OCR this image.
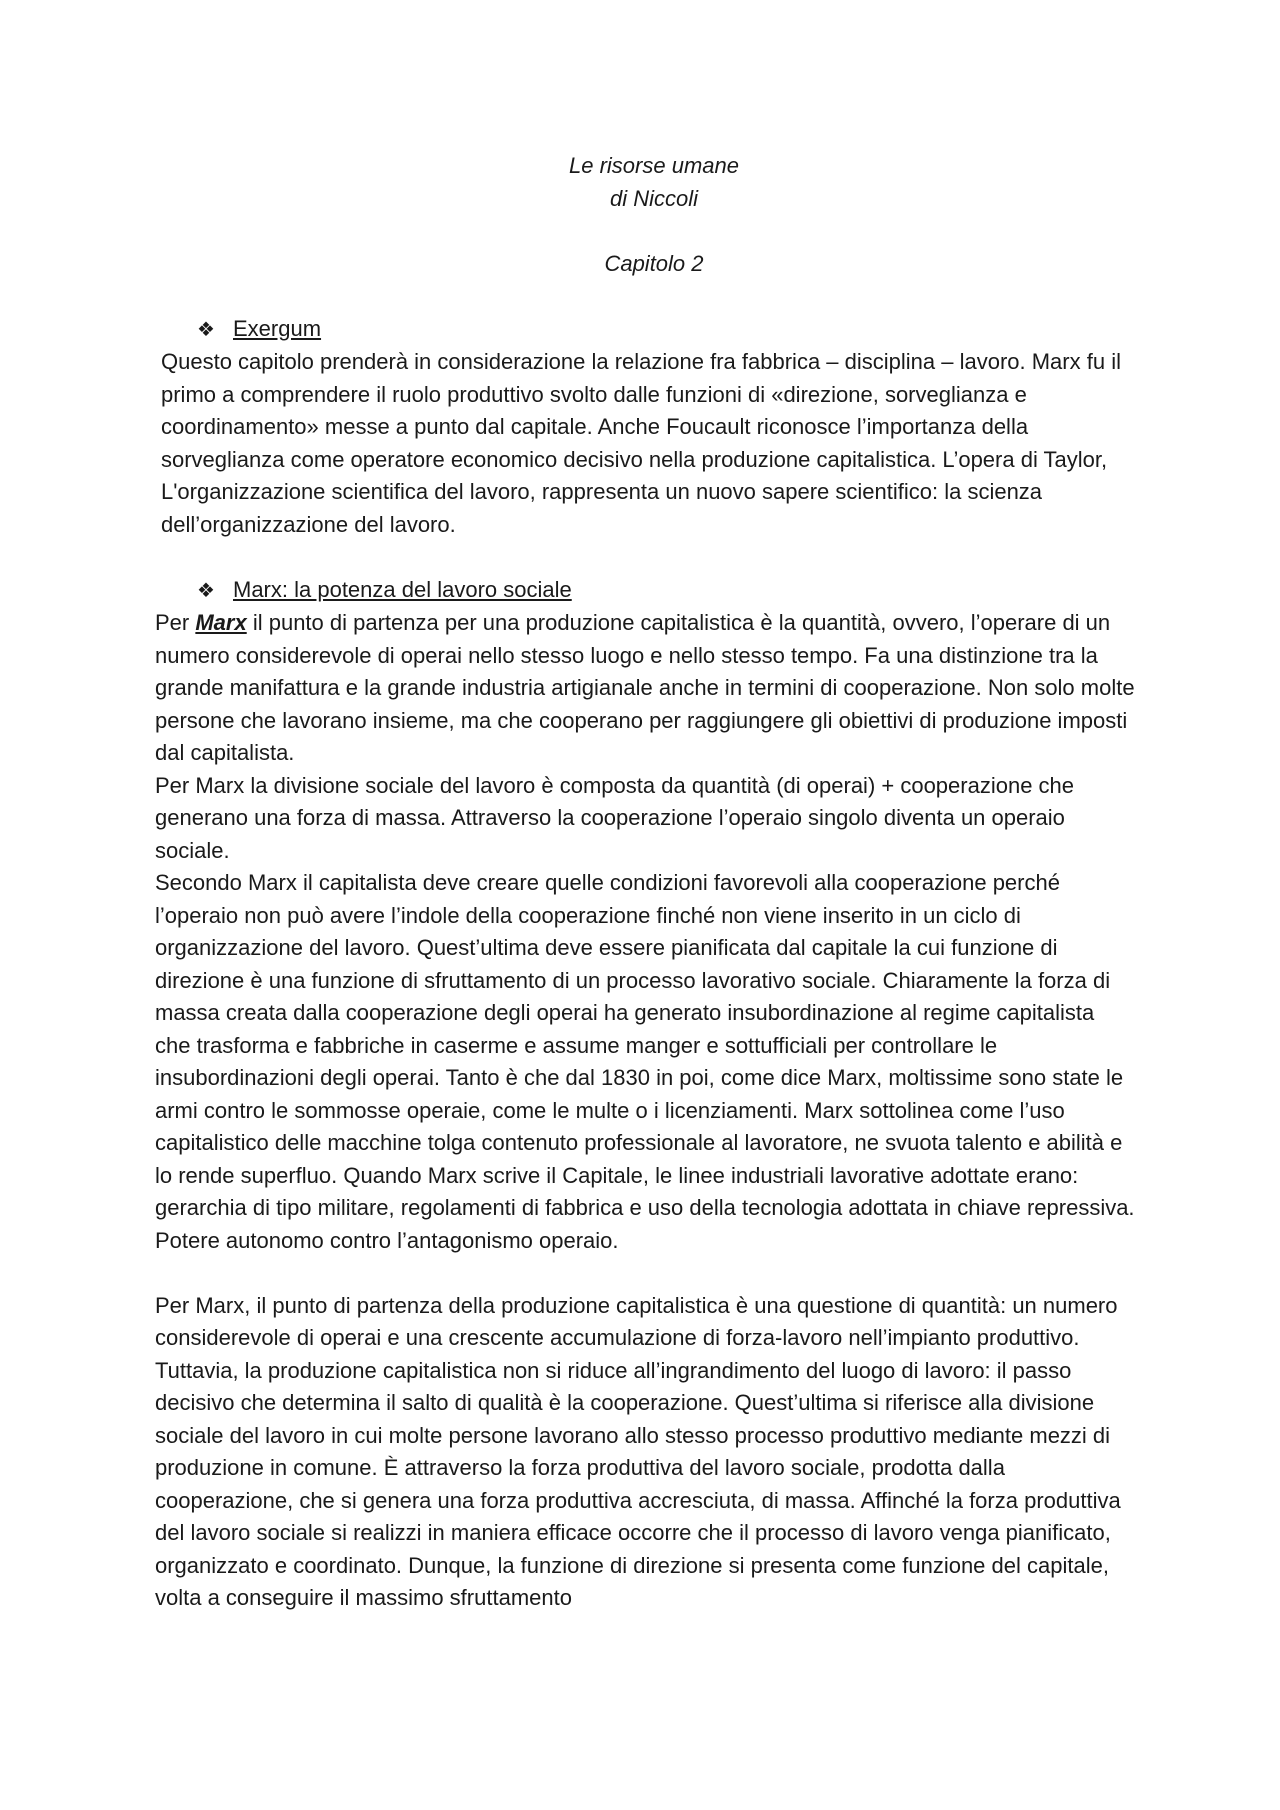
Le risorse umane

di Niccoli

Capitolo 2

❖ Exergum

Questo capitolo prenderà in considerazione la relazione fra fabbrica – disciplina – lavoro. Marx fu il primo a comprendere il ruolo produttivo svolto dalle funzioni di «direzione, sorveglianza e coordinamento» messe a punto dal capitale. Anche Foucault riconosce l’importanza della sorveglianza come operatore economico decisivo nella produzione capitalistica. L’opera di Taylor, L'organizzazione scientifica del lavoro, rappresenta un nuovo sapere scientifico: la scienza dell’organizzazione del lavoro.

❖ Marx: la potenza del lavoro sociale

Per Marx il punto di partenza per una produzione capitalistica è la quantità, ovvero, l’operare di un numero considerevole di operai nello stesso luogo e nello stesso tempo. Fa una distinzione tra la grande manifattura e la grande industria artigianale anche in termini di cooperazione. Non solo molte persone che lavorano insieme, ma che cooperano per raggiungere gli obiettivi di produzione imposti dal capitalista.

Per Marx la divisione sociale del lavoro è composta da quantità (di operai) + cooperazione che generano una forza di massa. Attraverso la cooperazione l’operaio singolo diventa un operaio sociale.

Secondo Marx il capitalista deve creare quelle condizioni favorevoli alla cooperazione perché l’operaio non può avere l’indole della cooperazione finché non viene inserito in un ciclo di organizzazione del lavoro. Quest’ultima deve essere pianificata dal capitale la cui funzione di direzione è una funzione di sfruttamento di un processo lavorativo sociale. Chiaramente la forza di massa creata dalla cooperazione degli operai ha generato insubordinazione al regime capitalista che trasforma e fabbriche in caserme e assume manger e sottufficiali per controllare le insubordinazioni degli operai. Tanto è che dal 1830 in poi, come dice Marx, moltissime sono state le armi contro le sommosse operaie, come le multe o i licenziamenti. Marx sottolinea come l’uso capitalistico delle macchine tolga contenuto professionale al lavoratore, ne svuota talento e abilità e lo rende superfluo. Quando Marx scrive il Capitale, le linee industriali lavorative adottate erano: gerarchia di tipo militare, regolamenti di fabbrica e uso della tecnologia adottata in chiave repressiva. Potere autonomo contro l’antagonismo operaio.

Per Marx, il punto di partenza della produzione capitalistica è una questione di quantità: un numero considerevole di operai e una crescente accumulazione di forza-lavoro nell’impianto produttivo. Tuttavia, la produzione capitalistica non si riduce all’ingrandimento del luogo di lavoro: il passo decisivo che determina il salto di qualità è la cooperazione. Quest’ultima si riferisce alla divisione sociale del lavoro in cui molte persone lavorano allo stesso processo produttivo mediante mezzi di produzione in comune. È attraverso la forza produttiva del lavoro sociale, prodotta dalla cooperazione, che si genera una forza produttiva accresciuta, di massa. Affinché la forza produttiva del lavoro sociale si realizzi in maniera efficace occorre che il processo di lavoro venga pianificato, organizzato e coordinato. Dunque, la funzione di direzione si presenta come funzione del capitale, volta a conseguire il massimo sfruttamento
